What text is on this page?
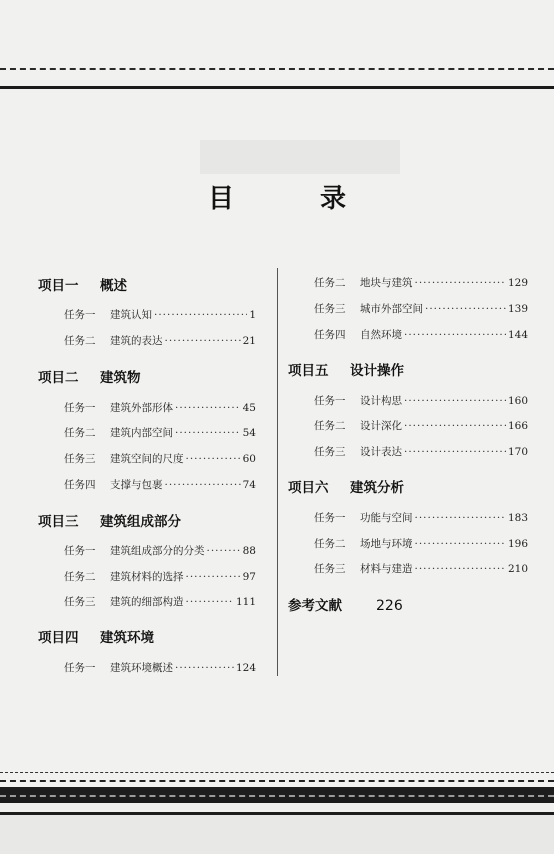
目　录
项目一 概述
任务一	建筑认知 ·····	1
任务二	建筑的表达 ·····	21
项目二 建筑物
任务一	建筑外部形体 ·····	45
任务二	建筑内部空间 ·····	54
任务三	建筑空间的尺度 ·····	60
任务四	支撑与包裹 ·····	74
项目三 建筑组成部分
任务一	建筑组成部分的分类 ·····	88
任务二	建筑材料的选择 ·····	97
任务三	建筑的细部构造 ·····	111
项目四 建筑环境
任务一	建筑环境概述 ·····	124
任务二	地块与建筑 ·····	129
任务三	城市外部空间 ·····	139
任务四	自然环境 ·····	144
项目五 设计操作
任务一	设计构思 ·····	160
任务二	设计深化 ·····	166
任务三	设计表达 ·····	170
项目六 建筑分析
任务一	功能与空间 ·····	183
任务二	场地与环境 ·····	196
任务三	材料与建造 ·····	210
参考文献 226
